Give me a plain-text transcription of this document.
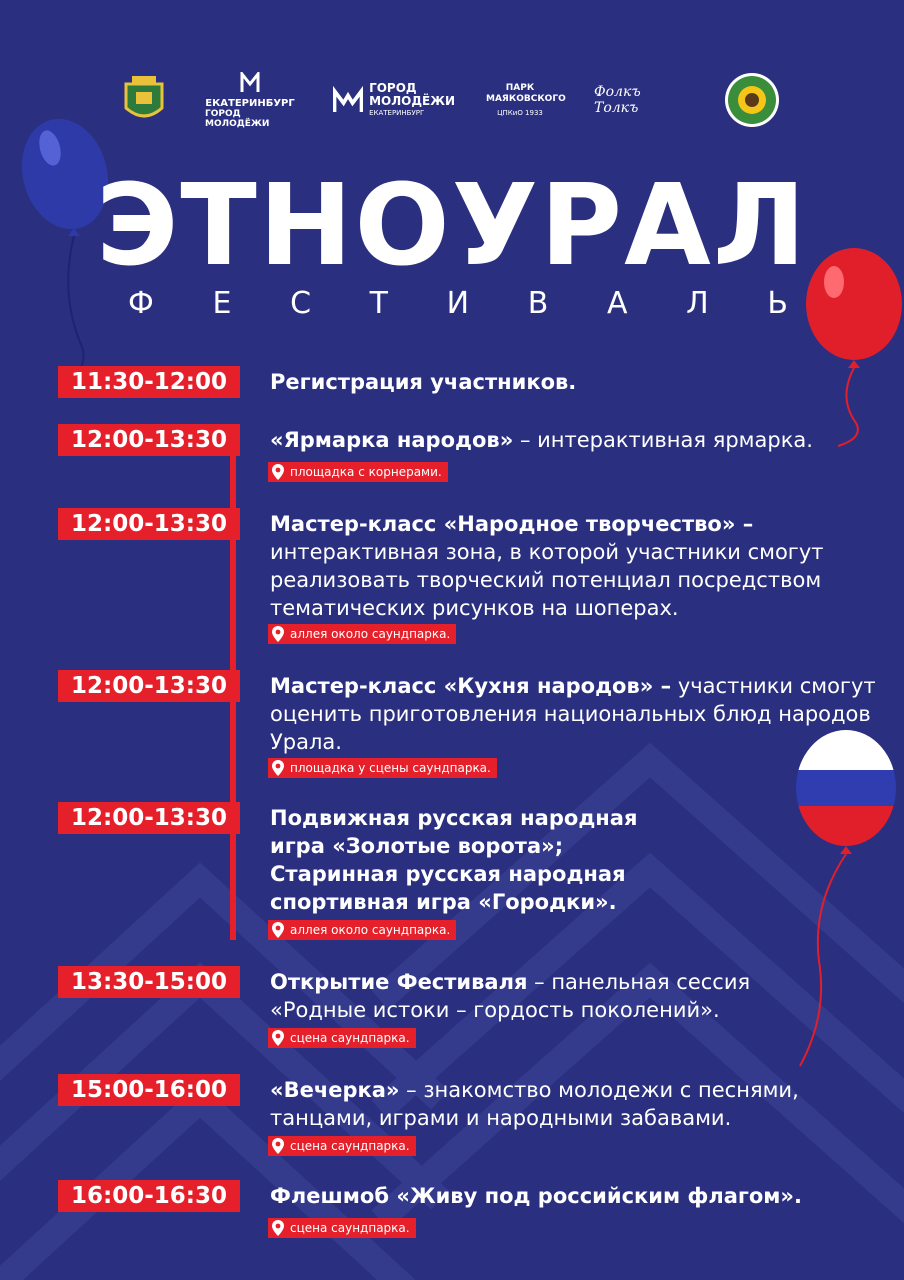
ЕКАТЕРИНБУРГ
ГОРОД МОЛОДЁЖИ
ГОРОД
МОЛОДЁЖИ
ЕКАТЕРИНБУРГ
ПАРК МАЯКОВСКОГО
ЦПКиО 1933
Фолкъ Толкъ
ЭТНОУРАЛ
Ф Е С Т И В А Л Ь
11:30-12:00	Регистрация участников.
12:00-13:30	«Ярмарка народов» – интерактивная ярмарка.
площадка с корнерами.
12:00-13:30	Мастер-класс «Народное творчество» – интерактивная зона, в которой участники смогут реализовать творческий потенциал посредством тематических рисунков на шоперах.
аллея около саундпарка.
12:00-13:30	Мастер-класс «Кухня народов» – участники смогут оценить приготовления национальных блюд народов Урала.
площадка у сцены саундпарка.
12:00-13:30	Подвижная русская народная игра «Золотые ворота»; Старинная русская народная спортивная игра «Городки».
аллея около саундпарка.
13:30-15:00	Открытие Фестиваля – панельная сессия «Родные истоки – гордость поколений».
сцена саундпарка.
15:00-16:00	«Вечерка» – знакомство молодежи с песнями, танцами, играми и народными забавами.
сцена саундпарка.
16:00-16:30	Флешмоб «Живу под российским флагом».
сцена саундпарка.
